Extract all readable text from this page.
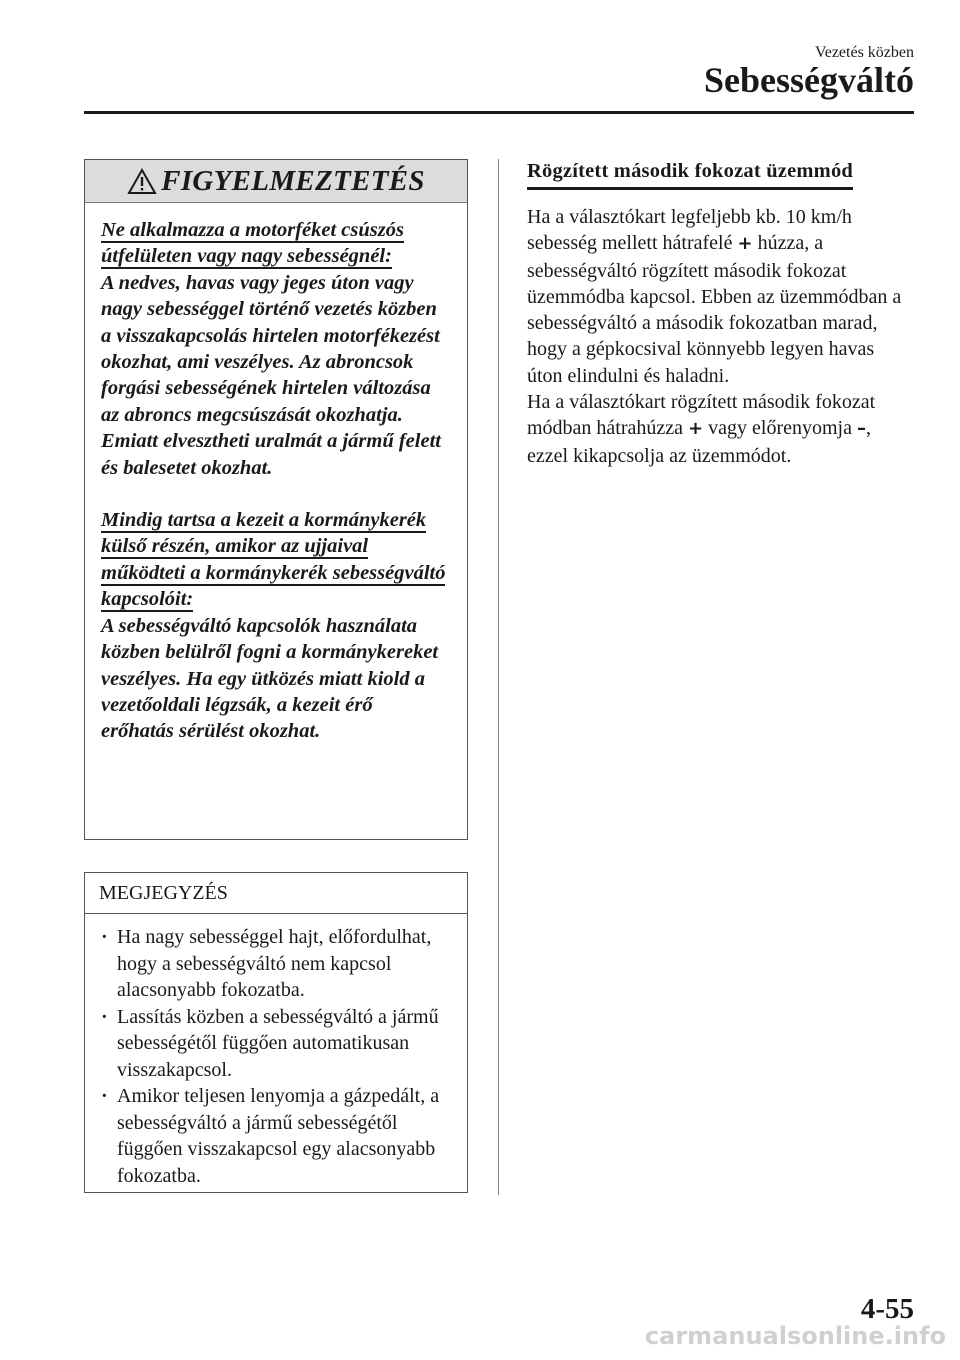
Vezetés közben
Sebességváltó
FIGYELMEZTETÉS

Ne alkalmazza a motorféket csúszós útfelületen vagy nagy sebességnél:

A nedves, havas vagy jeges úton vagy nagy sebességgel történő vezetés közben a visszakapcsolás hirtelen motorfékezést okozhat, ami veszélyes. Az abroncsok forgási sebességének hirtelen változása az abroncs megcsúszását okozhatja. Emiatt elvesztheti uralmát a jármű felett és balesetet okozhat.

Mindig tartsa a kezeit a kormánykerék külső részén, amikor az ujjaival működteti a kormánykerék sebességváltó kapcsolóit:

A sebességváltó kapcsolók használata közben belülről fogni a kormánykereket veszélyes. Ha egy ütközés miatt kiold a vezetőoldali légzsák, a kezeit érő erőhatás sérülést okozhat.

MEGJEGYZÉS
· Ha nagy sebességgel hajt, előfordulhat, hogy a sebességváltó nem kapcsol alacsonyabb fokozatba.
· Lassítás közben a sebességváltó a jármű sebességétől függően automatikusan visszakapcsol.
· Amikor teljesen lenyomja a gázpedált, a sebességváltó a jármű sebességétől függően visszakapcsol egy alacsonyabb fokozatba.
Rögzített második fokozat üzemmód

Ha a választókart legfeljebb kb. 10 km/h sebesség mellett hátrafelé + húzza, a sebességváltó rögzített második fokozat üzemmódba kapcsol. Ebben az üzemmódban a sebességváltó a második fokozatban marad, hogy a gépkocsival könnyebb legyen havas úton elindulni és haladni.

Ha a választókart rögzített második fokozat módban hátrahúzza + vagy előrenyomja –, ezzel kikapcsolja az üzemmódot.

4-55
carmanualsonline.info
